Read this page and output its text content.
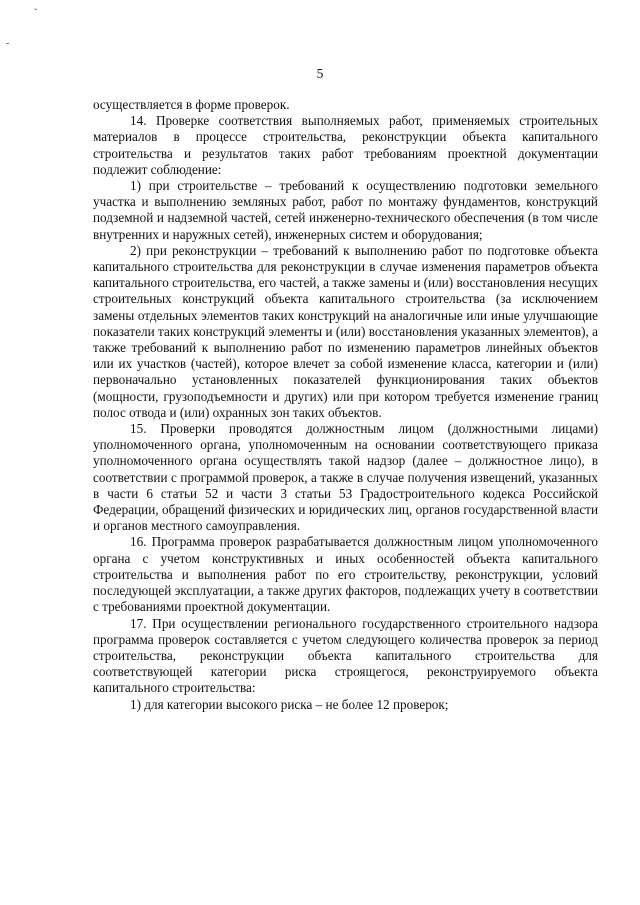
ˇ
-
5

осуществляется в форме проверок.

14. Проверке соответствия выполняемых работ, применяемых строительных материалов в процессе строительства, реконструкции объекта капитального строительства и результатов таких работ требованиям проектной документации подлежит соблюдение:

1) при строительстве – требований к осуществлению подготовки земельного участка и выполнению земляных работ, работ по монтажу фундаментов, конструкций подземной и надземной частей, сетей инженерно-технического обеспечения (в том числе внутренних и наружных сетей), инженерных систем и оборудования;

2) при реконструкции – требований к выполнению работ по подготовке объекта капитального строительства для реконструкции в случае изменения параметров объекта капитального строительства, его частей, а также замены и (или) восстановления несущих строительных конструкций объекта капитального строительства (за исключением замены отдельных элементов таких конструкций на аналогичные или иные улучшающие показатели таких конструкций элементы и (или) восстановления указанных элементов), а также требований к выполнению работ по изменению параметров линейных объектов или их участков (частей), которое влечет за собой изменение класса, категории и (или) первоначально установленных показателей функционирования таких объектов (мощности, грузоподъемности и других) или при котором требуется изменение границ полос отвода и (или) охранных зон таких объектов.

15. Проверки проводятся должностным лицом (должностными лицами) уполномоченного органа, уполномоченным на основании соответствующего приказа уполномоченного органа осуществлять такой надзор (далее – должностное лицо), в соответствии с программой проверок, а также в случае получения извещений, указанных в части 6 статьи 52 и части 3 статьи 53 Градостроительного кодекса Российской Федерации, обращений физических и юридических лиц, органов государственной власти и органов местного самоуправления.

16. Программа проверок разрабатывается должностным лицом уполномоченного органа с учетом конструктивных и иных особенностей объекта капитального строительства и выполнения работ по его строительству, реконструкции, условий последующей эксплуатации, а также других факторов, подлежащих учету в соответствии с требованиями проектной документации.

17. При осуществлении регионального государственного строительного надзора программа проверок составляется с учетом следующего количества проверок за период строительства, реконструкции объекта капитального строительства для соответствующей категории риска строящегося, реконструируемого объекта капитального строительства:

1) для категории высокого риска – не более 12 проверок;
